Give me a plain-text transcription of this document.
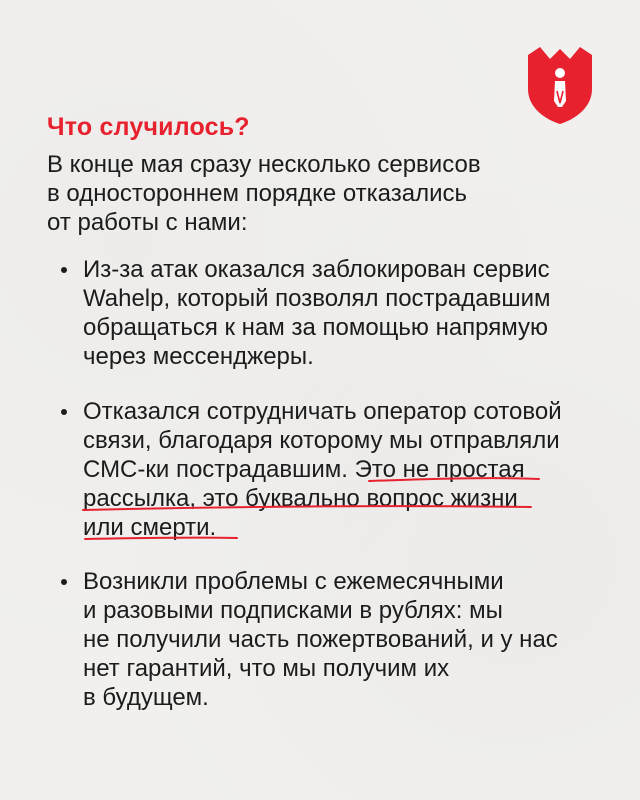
Что случилось?
В конце мая сразу несколько сервисов
в одностороннем порядке отказались
от работы с нами:
Из-за атак оказался заблокирован сервис
Wahelp, который позволял пострадавшим
обращаться к нам за помощью напрямую
через мессенджеры.
Отказался сотрудничать оператор сотовой
связи, благодаря которому мы отправляли
СМС-ки пострадавшим. Это не простая
рассылка, это буквально вопрос жизни
или смерти.
Возникли проблемы с ежемесячными
и разовыми подписками в рублях: мы
не получили часть пожертвований, и у нас
нет гарантий, что мы получим их
в будущем.
